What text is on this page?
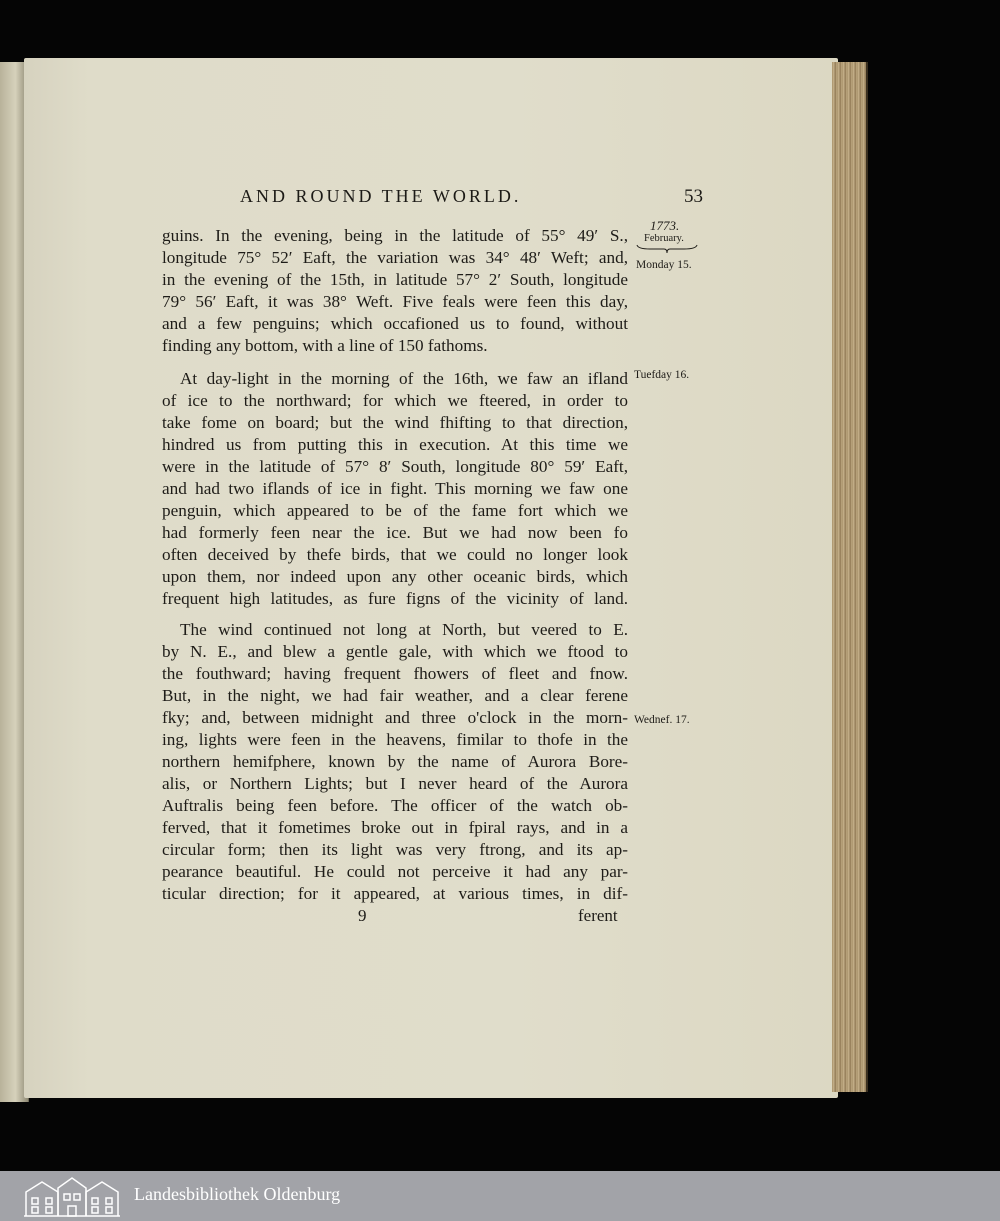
AND ROUND THE WORLD.	53
1773.
February.
Monday 15.
Tuefday 16.
Wednef. 17.
guins. In the evening, being in the latitude of 55° 49′ S.,
longitude 75° 52′ Eaft, the variation was 34° 48′ Weft; and,
in the evening of the 15th, in latitude 57° 2′ South, longitude
79° 56′ Eaft, it was 38° Weft. Five feals were feen this day,
and a few penguins; which occafioned us to found, without
finding any bottom, with a line of 150 fathoms.
At day-light in the morning of the 16th, we faw an ifland
of ice to the northward; for which we fteered, in order to
take fome on board; but the wind fhifting to that direction,
hindred us from putting this in execution. At this time we
were in the latitude of 57° 8′ South, longitude 80° 59′ Eaft,
and had two iflands of ice in fight. This morning we faw one
penguin, which appeared to be of the fame fort which we
had formerly feen near the ice. But we had now been fo
often deceived by thefe birds, that we could no longer look
upon them, nor indeed upon any other oceanic birds, which
frequent high latitudes, as fure figns of the vicinity of land.
The wind continued not long at North, but veered to E.
by N. E., and blew a gentle gale, with which we ftood to
the fouthward; having frequent fhowers of fleet and fnow.
But, in the night, we had fair weather, and a clear ferene
fky; and, between midnight and three o'clock in the morn-
ing, lights were feen in the heavens, fimilar to thofe in the
northern hemifphere, known by the name of Aurora Bore-
alis, or Northern Lights; but I never heard of the Aurora
Auftralis being feen before. The officer of the watch ob-
ferved, that it fometimes broke out in fpiral rays, and in a
circular form; then its light was very ftrong, and its ap-
pearance beautiful. He could not perceive it had any par-
ticular direction; for it appeared, at various times, in dif-
9	ferent
Landesbibliothek Oldenburg
